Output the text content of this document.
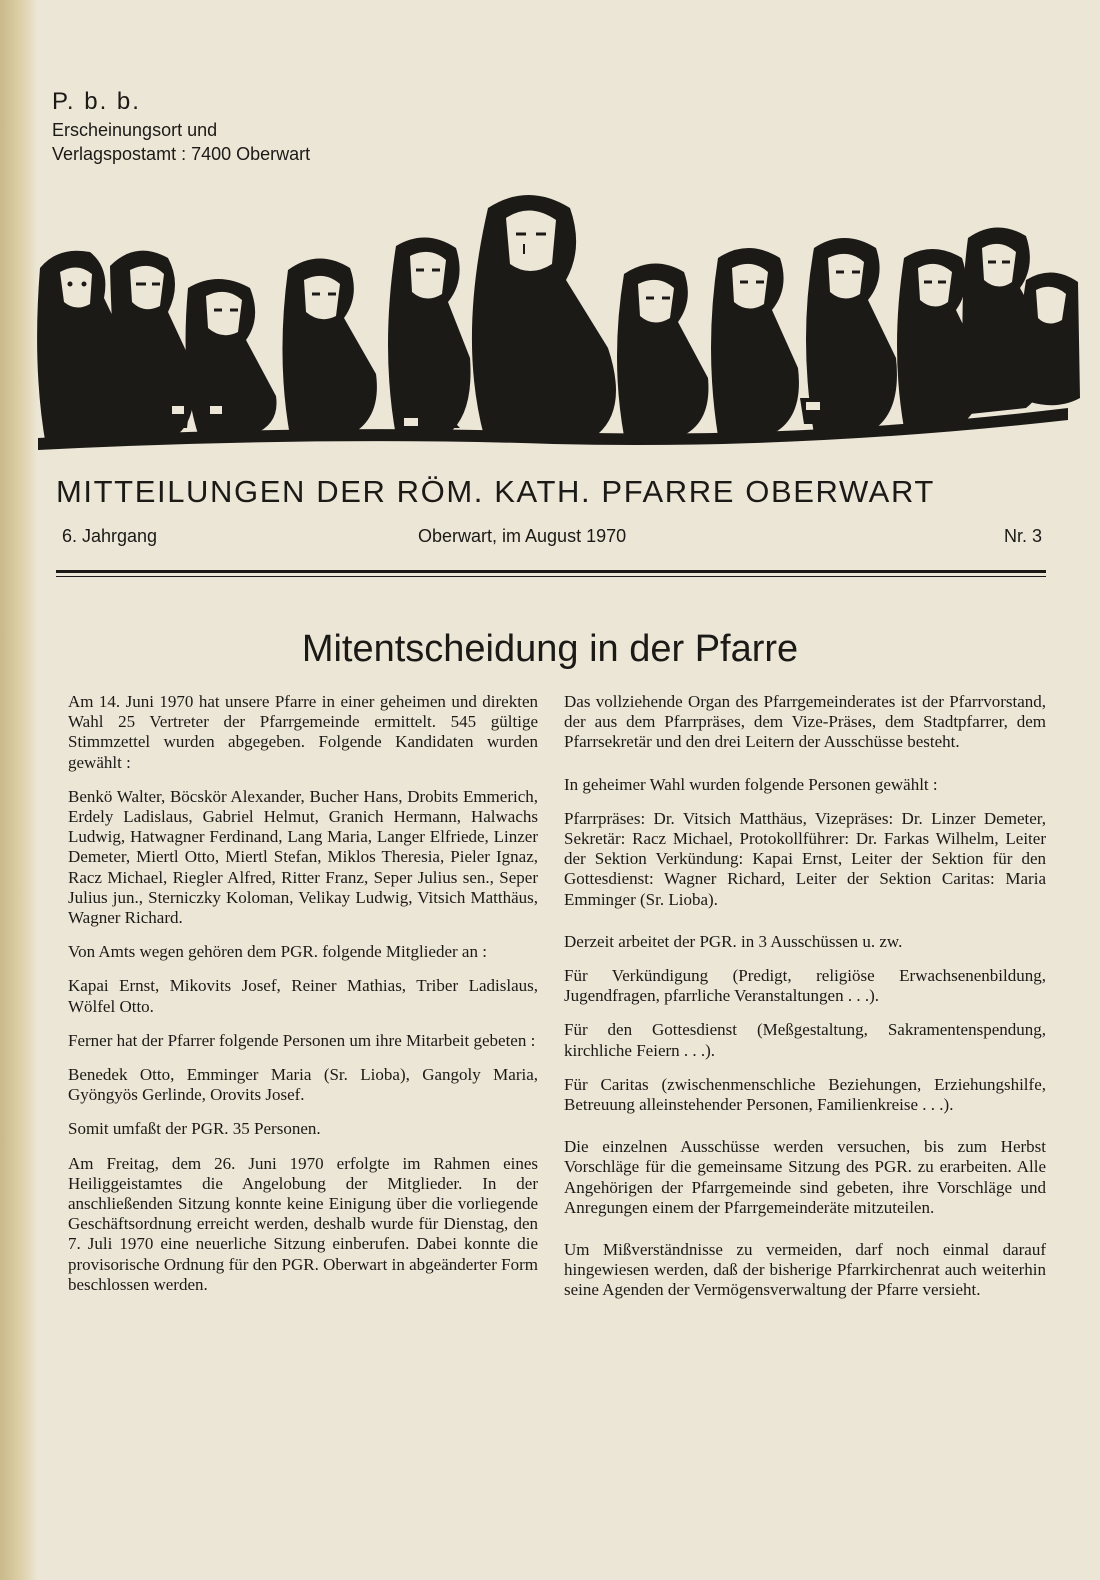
P. b. b.
Erscheinungsort und
Verlagspostamt : 7400 Oberwart
MITTEILUNGEN DER RÖM. KATH. PFARRE OBERWART
6. Jahrgang	Oberwart, im August 1970	Nr. 3
Mitentscheidung in der Pfarre

Am 14. Juni 1970 hat unsere Pfarre in einer geheimen und direkten Wahl 25 Vertreter der Pfarrgemeinde ermittelt. 545 gültige Stimmzettel wurden abgegeben. Folgende Kandidaten wurden gewählt :

Benkö Walter, Böcskör Alexander, Bucher Hans, Drobits Emmerich, Erdely Ladislaus, Gabriel Helmut, Granich Hermann, Halwachs Ludwig, Hatwagner Ferdinand, Lang Maria, Langer Elfriede, Linzer Demeter, Miertl Otto, Miertl Stefan, Miklos Theresia, Pieler Ignaz, Racz Michael, Riegler Alfred, Ritter Franz, Seper Julius sen., Seper Julius jun., Sterniczky Koloman, Velikay Ludwig, Vitsich Matthäus, Wagner Richard.

Von Amts wegen gehören dem PGR. folgende Mitglieder an :

Kapai Ernst, Mikovits Josef, Reiner Mathias, Triber Ladislaus, Wölfel Otto.

Ferner hat der Pfarrer folgende Personen um ihre Mitarbeit gebeten :

Benedek Otto, Emminger Maria (Sr. Lioba), Gangoly Maria, Gyöngyös Gerlinde, Orovits Josef.

Somit umfaßt der PGR. 35 Personen.

Am Freitag, dem 26. Juni 1970 erfolgte im Rahmen eines Heiliggeistamtes die Angelobung der Mitglieder. In der anschließenden Sitzung konnte keine Einigung über die vorliegende Geschäftsordnung erreicht werden, deshalb wurde für Dienstag, den 7. Juli 1970 eine neuerliche Sitzung einberufen. Dabei konnte die provisorische Ordnung für den PGR. Oberwart in abgeänderter Form beschlossen werden.

Das vollziehende Organ des Pfarrgemeinderates ist der Pfarrvorstand, der aus dem Pfarrpräses, dem Vize-Präses, dem Stadtpfarrer, dem Pfarrsekretär und den drei Leitern der Ausschüsse besteht.

In geheimer Wahl wurden folgende Personen gewählt :

Pfarrpräses: Dr. Vitsich Matthäus, Vizepräses: Dr. Linzer Demeter, Sekretär: Racz Michael, Protokollführer: Dr. Farkas Wilhelm, Leiter der Sektion Verkündung: Kapai Ernst, Leiter der Sektion für den Gottesdienst: Wagner Richard, Leiter der Sektion Caritas: Maria Emminger (Sr. Lioba).

Derzeit arbeitet der PGR. in 3 Ausschüssen u. zw.

Für Verkündigung (Predigt, religiöse Erwachsenenbildung, Jugendfragen, pfarrliche Veranstaltungen . . .).

Für den Gottesdienst (Meßgestaltung, Sakramentenspendung, kirchliche Feiern . . .).

Für Caritas (zwischenmenschliche Beziehungen, Erziehungshilfe, Betreuung alleinstehender Personen, Familienkreise . . .).

Die einzelnen Ausschüsse werden versuchen, bis zum Herbst Vorschläge für die gemeinsame Sitzung des PGR. zu erarbeiten. Alle Angehörigen der Pfarrgemeinde sind gebeten, ihre Vorschläge und Anregungen einem der Pfarrgemeinderäte mitzuteilen.

Um Mißverständnisse zu vermeiden, darf noch einmal darauf hingewiesen werden, daß der bisherige Pfarrkirchenrat auch weiterhin seine Agenden der Vermögensverwaltung der Pfarre versieht.
